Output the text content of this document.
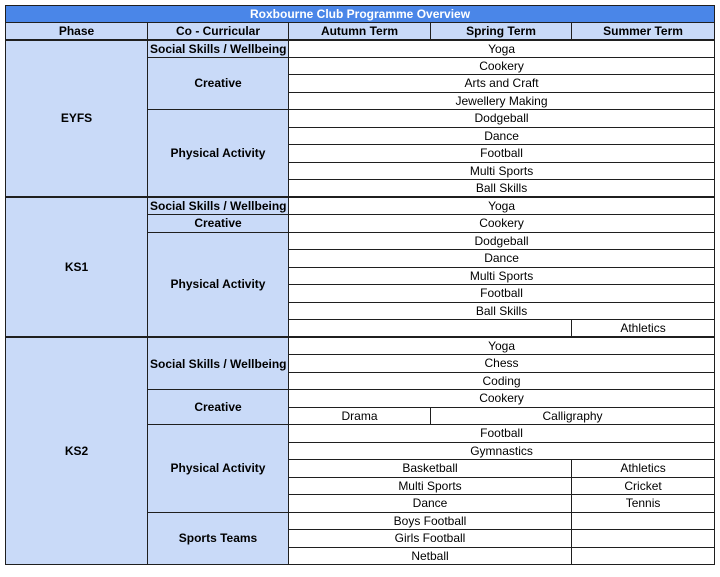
Roxbourne Club Programme Overview				
Phase	Co - Curricular	Autumn Term	Spring Term	Summer Term
EYFS	Social Skills / Wellbeing	Yoga		
	Creative	Cookery		
		Arts and Craft		
		Jewellery Making		
	Physical Activity	Dodgeball		
		Dance		
		Football		
		Multi Sports		
		Ball Skills		
KS1	Social Skills / Wellbeing	Yoga		
	Creative	Cookery		
	Physical Activity	Dodgeball		
		Dance		
		Multi Sports		
		Football		
		Ball Skills		
				Athletics
KS2	Social Skills / Wellbeing	Yoga		
		Chess		
		Coding		
	Creative	Cookery		
		Drama	Calligraphy	
	Physical Activity	Football		
		Gymnastics		
		Basketball		Athletics
		Multi Sports		Cricket
		Dance		Tennis
	Sports Teams	Boys Football		
		Girls Football		
		Netball		
